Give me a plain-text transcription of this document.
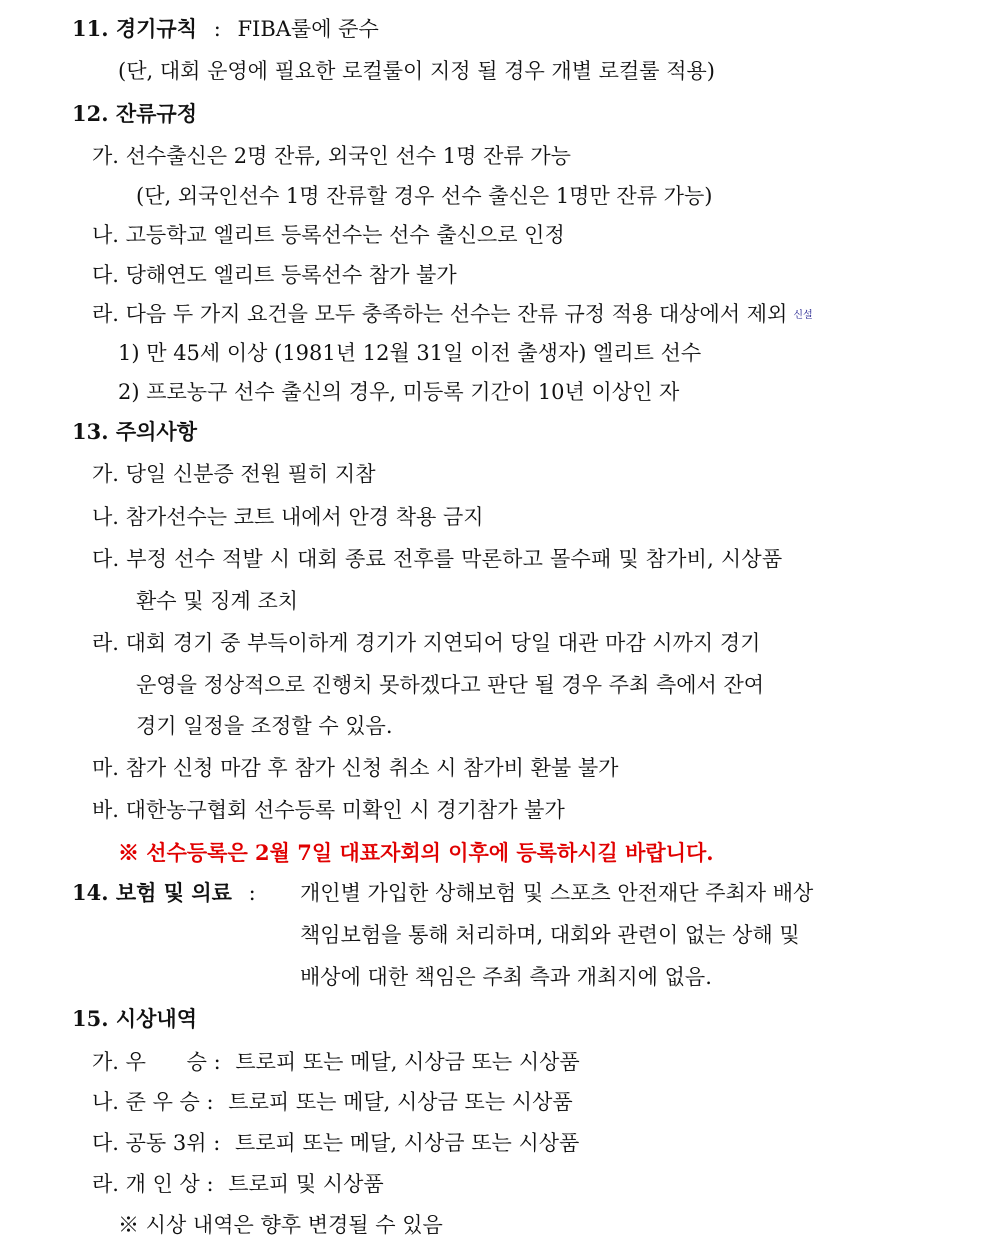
11. 경기규칙 : FIBA룰에 준수
(단, 대회 운영에 필요한 로컬룰이 지정 될 경우 개별 로컬룰 적용)
12. 잔류규정
가. 선수출신은 2명 잔류, 외국인 선수 1명 잔류 가능
(단, 외국인선수 1명 잔류할 경우 선수 출신은 1명만 잔류 가능)
나. 고등학교 엘리트 등록선수는 선수 출신으로 인정
다. 당해연도 엘리트 등록선수 참가 불가
라. 다음 두 가지 요건을 모두 충족하는 선수는 잔류 규정 적용 대상에서 제외 신설
1) 만 45세 이상 (1981년 12월 31일 이전 출생자) 엘리트 선수
2) 프로농구 선수 출신의 경우, 미등록 기간이 10년 이상인 자
13. 주의사항
가. 당일 신분증 전원 필히 지참
나. 참가선수는 코트 내에서 안경 착용 금지
다. 부정 선수 적발 시 대회 종료 전후를 막론하고 몰수패 및 참가비, 시상품
환수 및 징계 조치
라. 대회 경기 중 부득이하게 경기가 지연되어 당일 대관 마감 시까지 경기
운영을 정상적으로 진행치 못하겠다고 판단 될 경우 주최 측에서 잔여
경기 일정을 조정할 수 있음.
마. 참가 신청 마감 후 참가 신청 취소 시 참가비 환불 불가
바. 대한농구협회 선수등록 미확인 시 경기참가 불가
※ 선수등록은 2월 7일 대표자회의 이후에 등록하시길 바랍니다.
14. 보험 및 의료 : 개인별 가입한 상해보험 및 스포츠 안전재단 주최자 배상
책임보험을 통해 처리하며, 대회와 관련이 없는 상해 및
배상에 대한 책임은 주최 측과 개최지에 없음.
15. 시상내역
가. 우 승 : 트로피 또는 메달, 시상금 또는 시상품
나. 준 우 승 : 트로피 또는 메달, 시상금 또는 시상품
다. 공동 3위 : 트로피 또는 메달, 시상금 또는 시상품
라. 개 인 상 : 트로피 및 시상품
※ 시상 내역은 향후 변경될 수 있음
